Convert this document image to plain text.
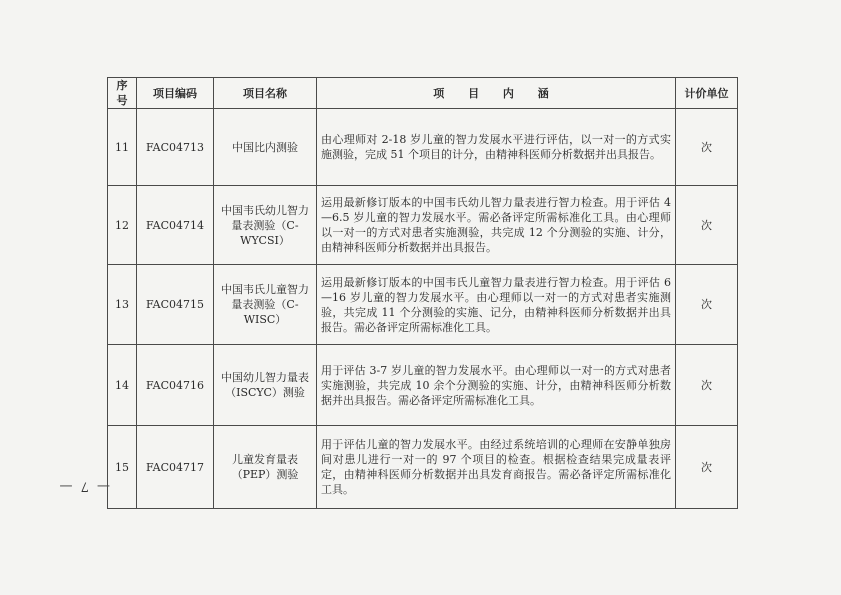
— 7 —
序号	项目编码	项目名称	项 目 内 涵	计价单位
11	FAC04713	中国比内测验	由心理师对 2-18 岁儿童的智力发展水平进行评估，以一对一的方式实施测验，完成 51 个项目的计分，由精神科医师分析数据并出具报告。	次
12	FAC04714	中国韦氏幼儿智力量表测验（C-WYCSI）	运用最新修订版本的中国韦氏幼儿智力量表进行智力检查。用于评估 4—6.5 岁儿童的智力发展水平。需必备评定所需标准化工具。由心理师以一对一的方式对患者实施测验，共完成 12 个分测验的实施、计分，由精神科医师分析数据并出具报告。	次
13	FAC04715	中国韦氏儿童智力量表测验（C-WISC）	运用最新修订版本的中国韦氏儿童智力量表进行智力检查。用于评估 6—16 岁儿童的智力发展水平。由心理师以一对一的方式对患者实施测验，共完成 11 个分测验的实施、记分，由精神科医师分析数据并出具报告。需必备评定所需标准化工具。	次
14	FAC04716	中国幼儿智力量表（ISCYC）测验	用于评估 3-7 岁儿童的智力发展水平。由心理师以一对一的方式对患者实施测验，共完成 10 余个分测验的实施、计分，由精神科医师分析数据并出具报告。需必备评定所需标准化工具。	次
15	FAC04717	儿童发育量表（PEP）测验	用于评估儿童的智力发展水平。由经过系统培训的心理师在安静单独房间对患儿进行一对一的 97 个项目的检查。根据检查结果完成量表评定，由精神科医师分析数据并出具发育商报告。需必备评定所需标准化工具。	次
